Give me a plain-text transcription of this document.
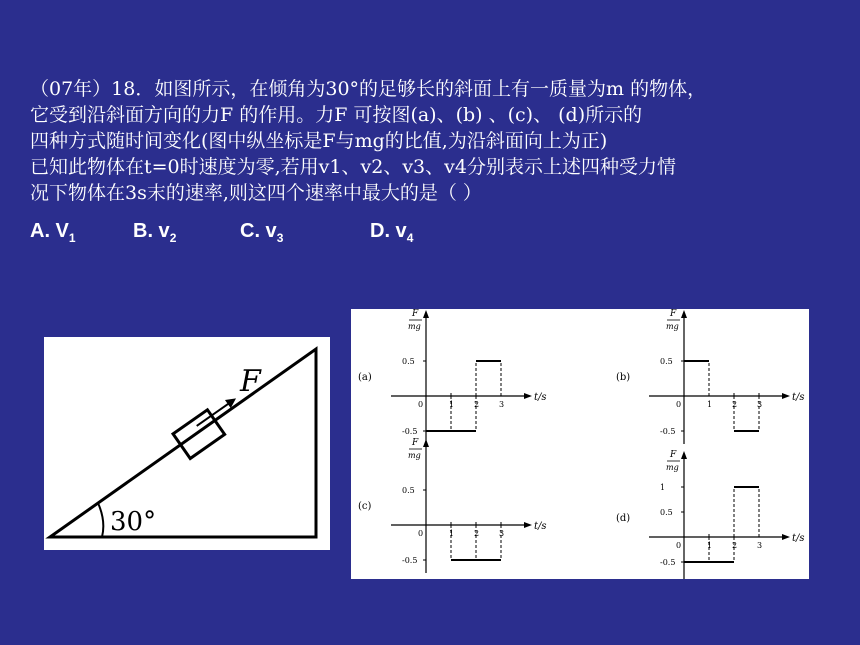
（07年）18．如图所示，在倾角为30°的足够长的斜面上有一质量为m 的物体，
它受到沿斜面方向的力F 的作用。力F 可按图(a)、(b) 、(c)、 (d)所示的
四种方式随时间变化(图中纵坐标是F与mg的比值,为沿斜面向上为正)
已知此物体在t=0时速度为零,若用v1、v2、v3、v4分别表示上述四种受力情
况下物体在3s末的速率,则这四个速率中最大的是（ ）
A. $V_1$	B. $v_2$	C. $v_3$	D. $v_4$
30°
F
F
mg
t/s
(a)
0.5
-0.5
0	1 2 3
F
mg
t/s
(b)
0.5
-0.5
0	1 2 3
F
mg
t/s
(c)
0.5
-0.5
0	1 2 3
F
mg
t/s
(d)
1
0.5
-0.5
0	1 2 3
